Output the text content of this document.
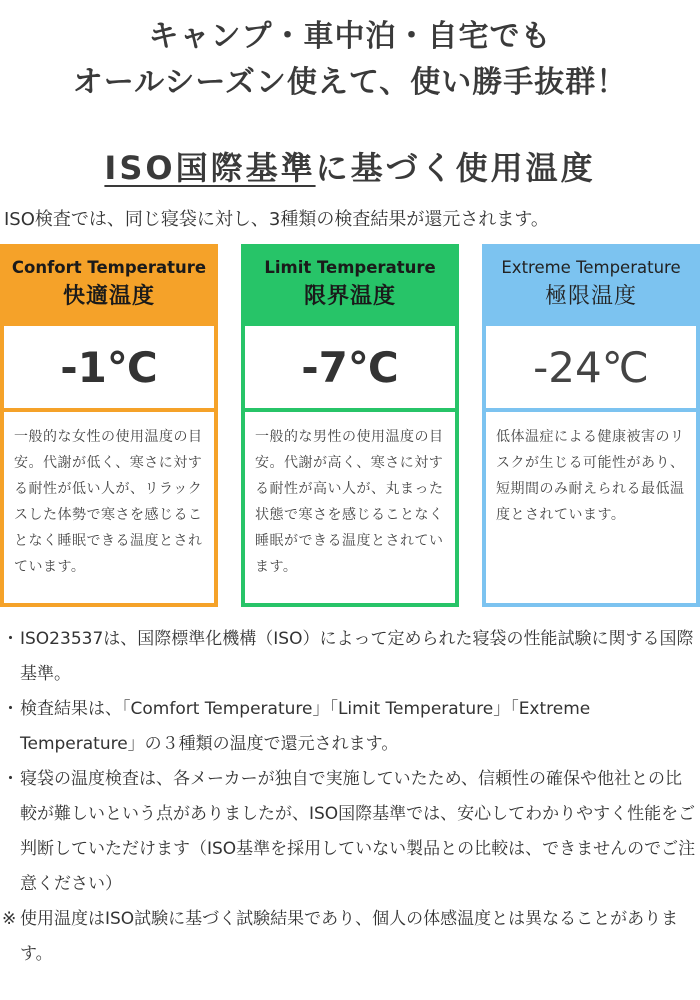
キャンプ・車中泊・自宅でも
オールシーズン使えて、使い勝手抜群！
ISO国際基準に基づく使用温度
ISO検査では、同じ寝袋に対し、3種類の検査結果が還元されます。
Confort Temperature
快適温度
-1℃
一般的な女性の使用温度の目安。代謝が低く、寒さに対する耐性が低い人が、リラックスした体勢で寒さを感じることなく睡眠できる温度とされています。
Limit Temperature
限界温度
-7℃
一般的な男性の使用温度の目安。代謝が高く、寒さに対する耐性が高い人が、丸まった状態で寒さを感じることなく睡眠ができる温度とされています。
Extreme Temperature
極限温度
-24℃
低体温症による健康被害のリスクが生じる可能性があり、短期間のみ耐えられる最低温度とされています。
・ ISO23537は、国際標準化機構（ISO）によって定められた寝袋の性能試験に関する国際基準。
・ 検査結果は、「Comfort Temperature」「Limit Temperature」「Extreme Temperature」の３種類の温度で還元されます。
・ 寝袋の温度検査は、各メーカーが独自で実施していたため、信頼性の確保や他社との比較が難しいという点がありましたが、ISO国際基準では、安心してわかりやすく性能をご判断していただけます（ISO基準を採用していない製品との比較は、できませんのでご注意ください）
※ 使用温度はISO試験に基づく試験結果であり、個人の体感温度とは異なることがあります。
